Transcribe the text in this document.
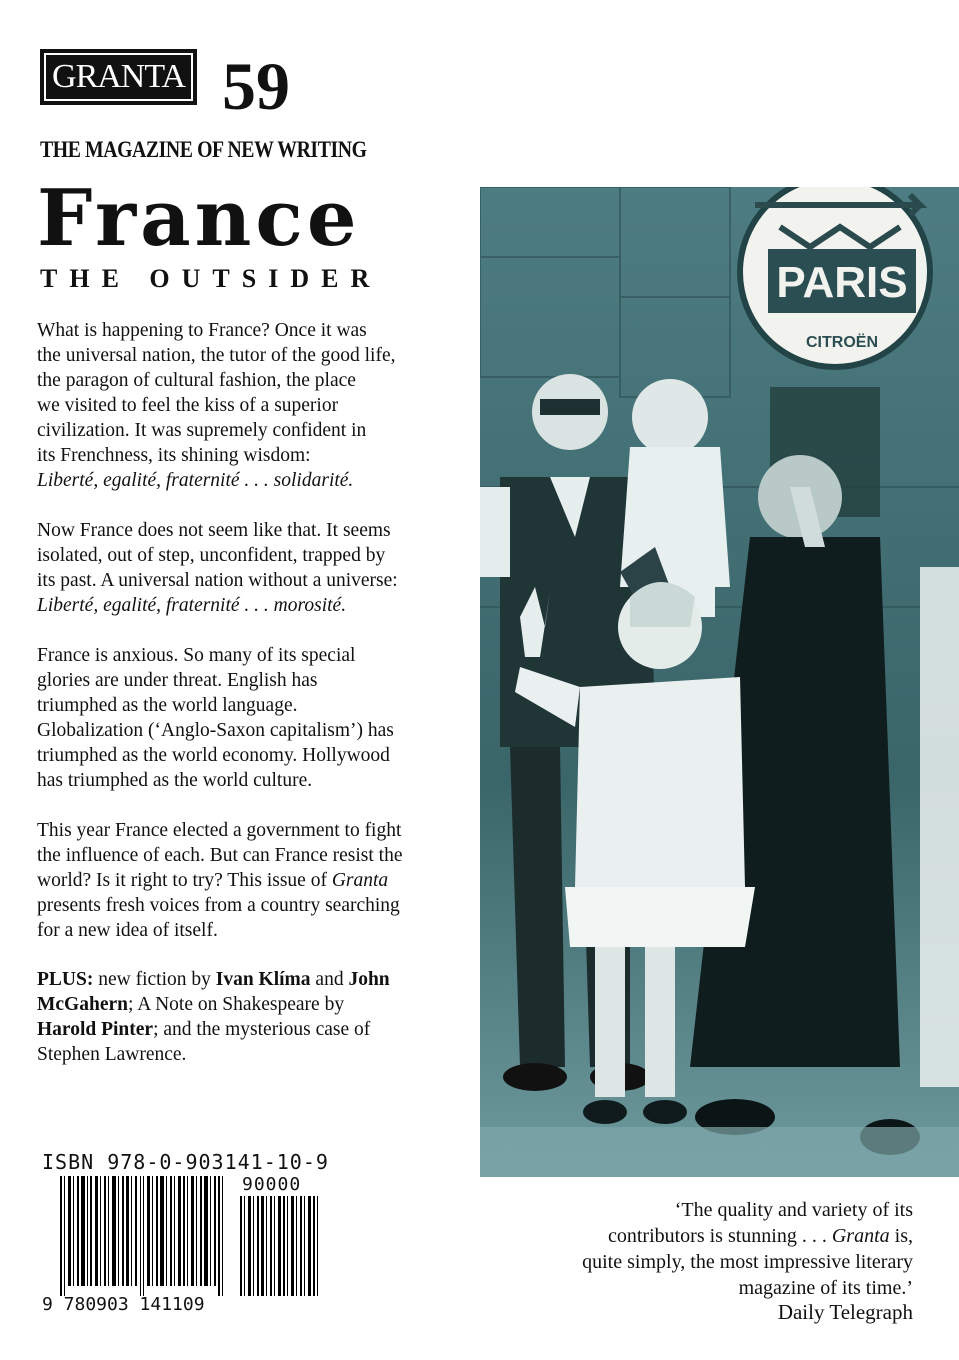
GRANTA 59
THE MAGAZINE OF NEW WRITING
France
THE OUTSIDER

What is happening to France? Once it was
the universal nation, the tutor of the good life,
the paragon of cultural fashion, the place
we visited to feel the kiss of a superior
civilization. It was supremely confident in
its Frenchness, its shining wisdom:
Liberté, egalité, fraternité . . . solidarité.

Now France does not seem like that. It seems
isolated, out of step, unconfident, trapped by
its past. A universal nation without a universe:
Liberté, egalité, fraternité . . . morosité.

France is anxious. So many of its special
glories are under threat. English has
triumphed as the world language.
Globalization (‘Anglo-Saxon capitalism’) has
triumphed as the world economy. Hollywood
has triumphed as the world culture.

This year France elected a government to fight
the influence of each. But can France resist the
world? Is it right to try? This issue of Granta
presents fresh voices from a country searching
for a new idea of itself.

PLUS: new fiction by Ivan Klíma and John
McGahern; A Note on Shakespeare by
Harold Pinter; and the mysterious case of
Stephen Lawrence.

PARIS
CITROËN
ISBN 978-0-903141-10-9
90000
9 780903 141109

‘The quality and variety of its
contributors is stunning . . . Granta is,
quite simply, the most impressive literary
magazine of its time.’

Daily Telegraph
